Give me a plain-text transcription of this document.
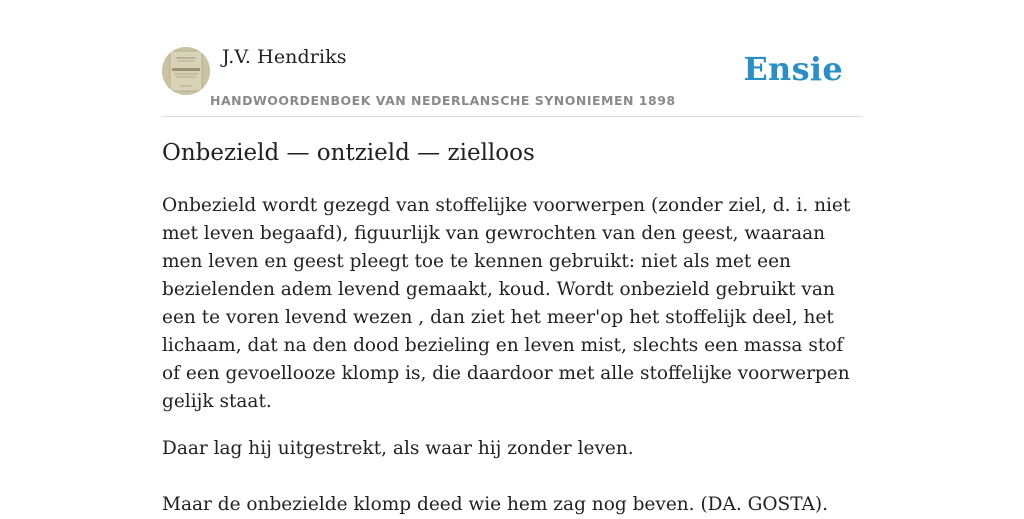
J.V. Hendriks
HANDWOORDENBOEK VAN NEDERLANSCHE SYNONIEMEN 1898
Ensie
Onbezield — ontzield — zielloos

Onbezield wordt gezegd van stoffelijke voorwerpen (zonder ziel, d. i. niet met leven begaafd), figuurlijk van gewrochten van den geest, waaraan men leven en geest pleegt toe te kennen gebruikt: niet als met een bezielenden adem levend gemaakt, koud. Wordt onbezield gebruikt van een te voren levend wezen , dan ziet het meer'op het stoffelijk deel, het lichaam, dat na den dood bezieling en leven mist, slechts een massa stof of een gevoellooze klomp is, die daardoor met alle stoffelijke voorwerpen gelijk staat.

Daar lag hij uitgestrekt, als waar hij zonder leven.

Maar de onbezielde klomp deed wie hem zag nog beven. (DA. GOSTA).
